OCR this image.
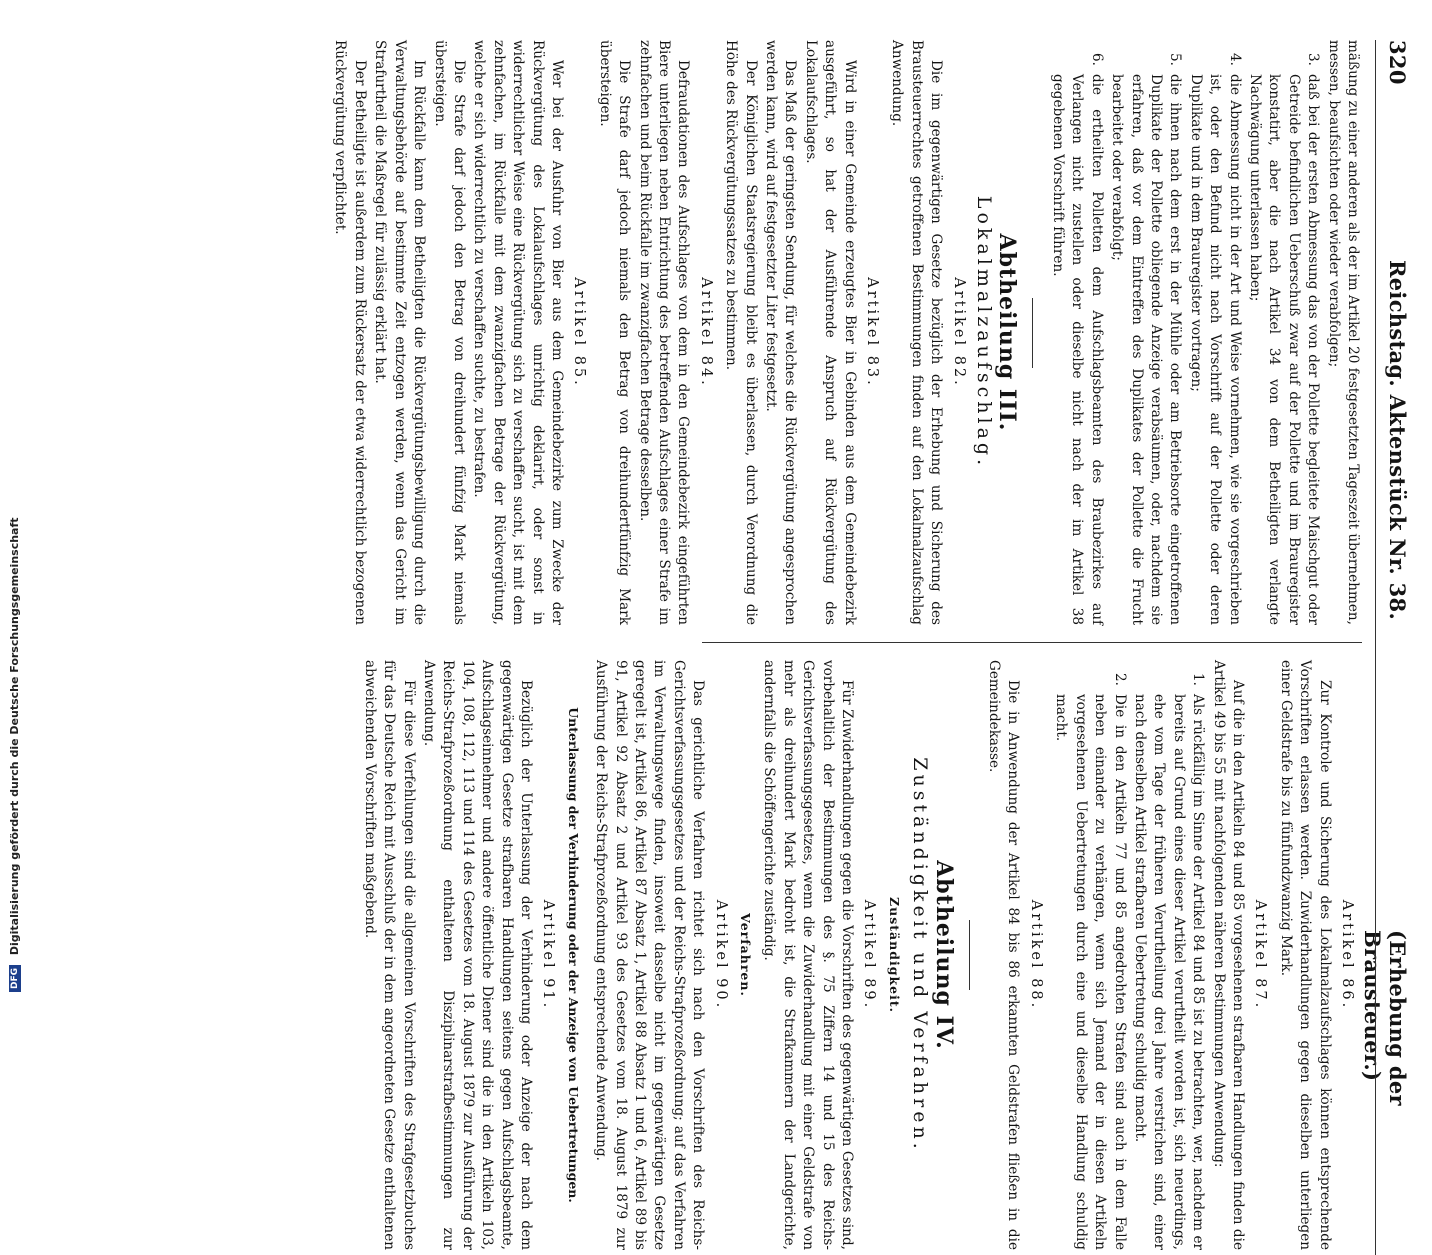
320
Reichstag. Aktenstück Nr. 38.
(Erhebung der Brausteuer.)

mäßung zu einer anderen als der im Artikel 20 festgesetzten Tageszeit übernehmen, messen, beaufsichten oder wieder verabfolgen;

3.
daß bei der ersten Abmessung das von der Pollette begleitete Maischgut oder Getreide befindlichen Ueberschuß zwar auf der Pollette und im Brauregister konstatirt, aber die nach Artikel 34 von dem Betheiligten verlangte Nachwägung unterlassen haben;
4.
die Abmessung nicht in der Art und Weise vornehmen, wie sie vorgeschrieben ist, oder den Befund nicht nach Vorschrift auf der Pollette oder deren Duplikate und in dem Brauregister vortragen;
5.
die ihnen nach dem erst in der Mühle oder am Betriebsorte eingetroffenen Duplikate der Pollette obliegende Anzeige verabsäumen, oder, nachdem sie erfahren, daß vor dem Eintreffen des Duplikates der Pollette die Frucht bearbeitet oder verabfolgt;
6.
die ertheilten Polletten dem Aufschlagsbeamten des Braubezirkes auf Verlangen nicht zustellen oder dieselbe nicht nach der im Artikel 38 gegebenen Vorschrift führen.
Abtheilung III.
Lokalmalzaufschlag.
Artikel 82.

Die im gegenwärtigen Gesetze bezüglich der Erhebung und Sicherung des Brausteuerrechtes getroffenen Bestimmungen finden auf den Lokalmalzaufschlag Anwendung.

Artikel 83.

Wird in einer Gemeinde erzeugtes Bier in Gebinden aus dem Gemeindebezirk ausgeführt, so hat der Ausführende Anspruch auf Rückvergütung des Lokalaufschlages.

Das Maß der geringsten Sendung, für welches die Rückvergütung angesprochen werden kann, wird auf festgesetzter Liter festgesetzt.

Der Königlichen Staatsregierung bleibt es überlassen, durch Verordnung die Höhe des Rückvergütungssatzes zu bestimmen.

Artikel 84.

Defraudationen des Aufschlages von dem in den Gemeindebezirk eingeführten Biere unterliegen neben Entrichtung des betreffenden Aufschlages einer Strafe im zehnfachen und beim Rückfalle im zwanzigfachen Betrage desselben.

Die Strafe darf jedoch niemals den Betrag von dreihundertfünfzig Mark übersteigen.

Artikel 85.

Wer bei der Ausfuhr von Bier aus dem Gemeindebezirke zum Zwecke der Rückvergütung des Lokalaufschlages unrichtig deklarirt, oder sonst in widerrechtlicher Weise eine Rückvergütung sich zu verschaffen sucht, ist mit dem zehnfachen, im Rückfalle mit dem zwanzigfachen Betrage der Rückvergütung, welche er sich widerrechtlich zu verschaffen suchte, zu bestrafen.

Die Strafe darf jedoch den Betrag von dreihundert fünfzig Mark niemals übersteigen.

Im Rückfalle kann dem Betheiligten die Rückvergütungsbewilligung durch die Verwaltungsbehörde auf bestimmte Zeit entzogen werden, wenn das Gericht im Strafurtheil die Maßregel für zulässig erklärt hat.

Der Betheiligte ist außerdem zum Rückersatz der etwa widerrechtlich bezogenen Rückvergütung verpflichtet.

Artikel 86.

Zur Kontrole und Sicherung des Lokalmalzaufschlages können entsprechende Vorschriften erlassen werden. Zuwiderhandlungen gegen dieselben unterliegen einer Geldstrafe bis zu fünfundzwanzig Mark.

Artikel 87.

Auf die in den Artikeln 84 und 85 vorgesehenen strafbaren Handlungen finden die Artikel 49 bis 55 mit nachfolgenden näheren Bestimmungen Anwendung:

1.
Als rückfällig im Sinne der Artikel 84 und 85 ist zu betrachten, wer, nachdem er bereits auf Grund eines dieser Artikel verurtheilt worden ist, sich neuerdings, ehe vom Tage der früheren Verurtheilung drei Jahre verstrichen sind, einer nach denselben Artikel strafbaren Uebertretung schuldig macht.
2.
Die in den Artikeln 77 und 85 angedrohten Strafen sind auch in dem Falle neben einander zu verhängen, wenn sich Jemand der in diesen Artikeln vorgesehenen Uebertretungen durch eine und dieselbe Handlung schuldig macht.
Artikel 88.

Die in Anwendung der Artikel 84 bis 86 erkannten Geldstrafen fließen in die Gemeindekasse.

Abtheilung IV.
Zuständigkeit und Verfahren.
Zuständigkeit.
Artikel 89.

Für Zuwiderhandlungen gegen die Vorschriften des gegenwärtigen Gesetzes sind, vorbehaltlich der Bestimmungen des §. 75 Ziffern 14 und 15 des Reichs-Gerichtsverfassungsgesetzes, wenn die Zuwiderhandlung mit einer Geldstrafe von mehr als dreihundert Mark bedroht ist, die Strafkammern der Landgerichte, andernfalls die Schöffengerichte zuständig.

Verfahren.
Artikel 90.

Das gerichtliche Verfahren richtet sich nach den Vorschriften des Reichs-Gerichtsverfassungsgesetzes und der Reichs-Strafprozeßordnung; auf das Verfahren im Verwaltungswege finden, insoweit dasselbe nicht im gegenwärtigen Gesetze geregelt ist, Artikel 86, Artikel 87 Absatz 1, Artikel 88 Absatz 1 und 6, Artikel 89 bis 91, Artikel 92 Absatz 2 und Artikel 93 des Gesetzes vom 18. August 1879 zur Ausführung der Reichs-Strafprozeßordnung entsprechende Anwendung.

Unterlassung der Verhinderung oder der Anzeige von Uebertretungen.
Artikel 91.

Bezüglich der Unterlassung der Verhinderung oder Anzeige der nach dem gegenwärtigen Gesetze strafbaren Handlungen seitens gegen Aufschlagsbeamte, Aufschlagseinnehmer und andere öffentliche Diener sind die in den Artikeln 103, 104, 108, 112, 113 und 114 des Gesetzes vom 18. August 1879 zur Ausführung der Reichs-Strafprozeßordnung enthaltenen Disziplinarstrafbestimmungen zur Anwendung.

Für diese Verfehlungen sind die allgemeinen Vorschriften des Strafgesetzbuches für das Deutsche Reich mit Ausschluß der in dem angeordneten Gesetze enthaltenen abweichenden Vorschriften maßgebend.

DFG Digitalisierung gefördert durch die Deutsche Forschungsgemeinschaft
